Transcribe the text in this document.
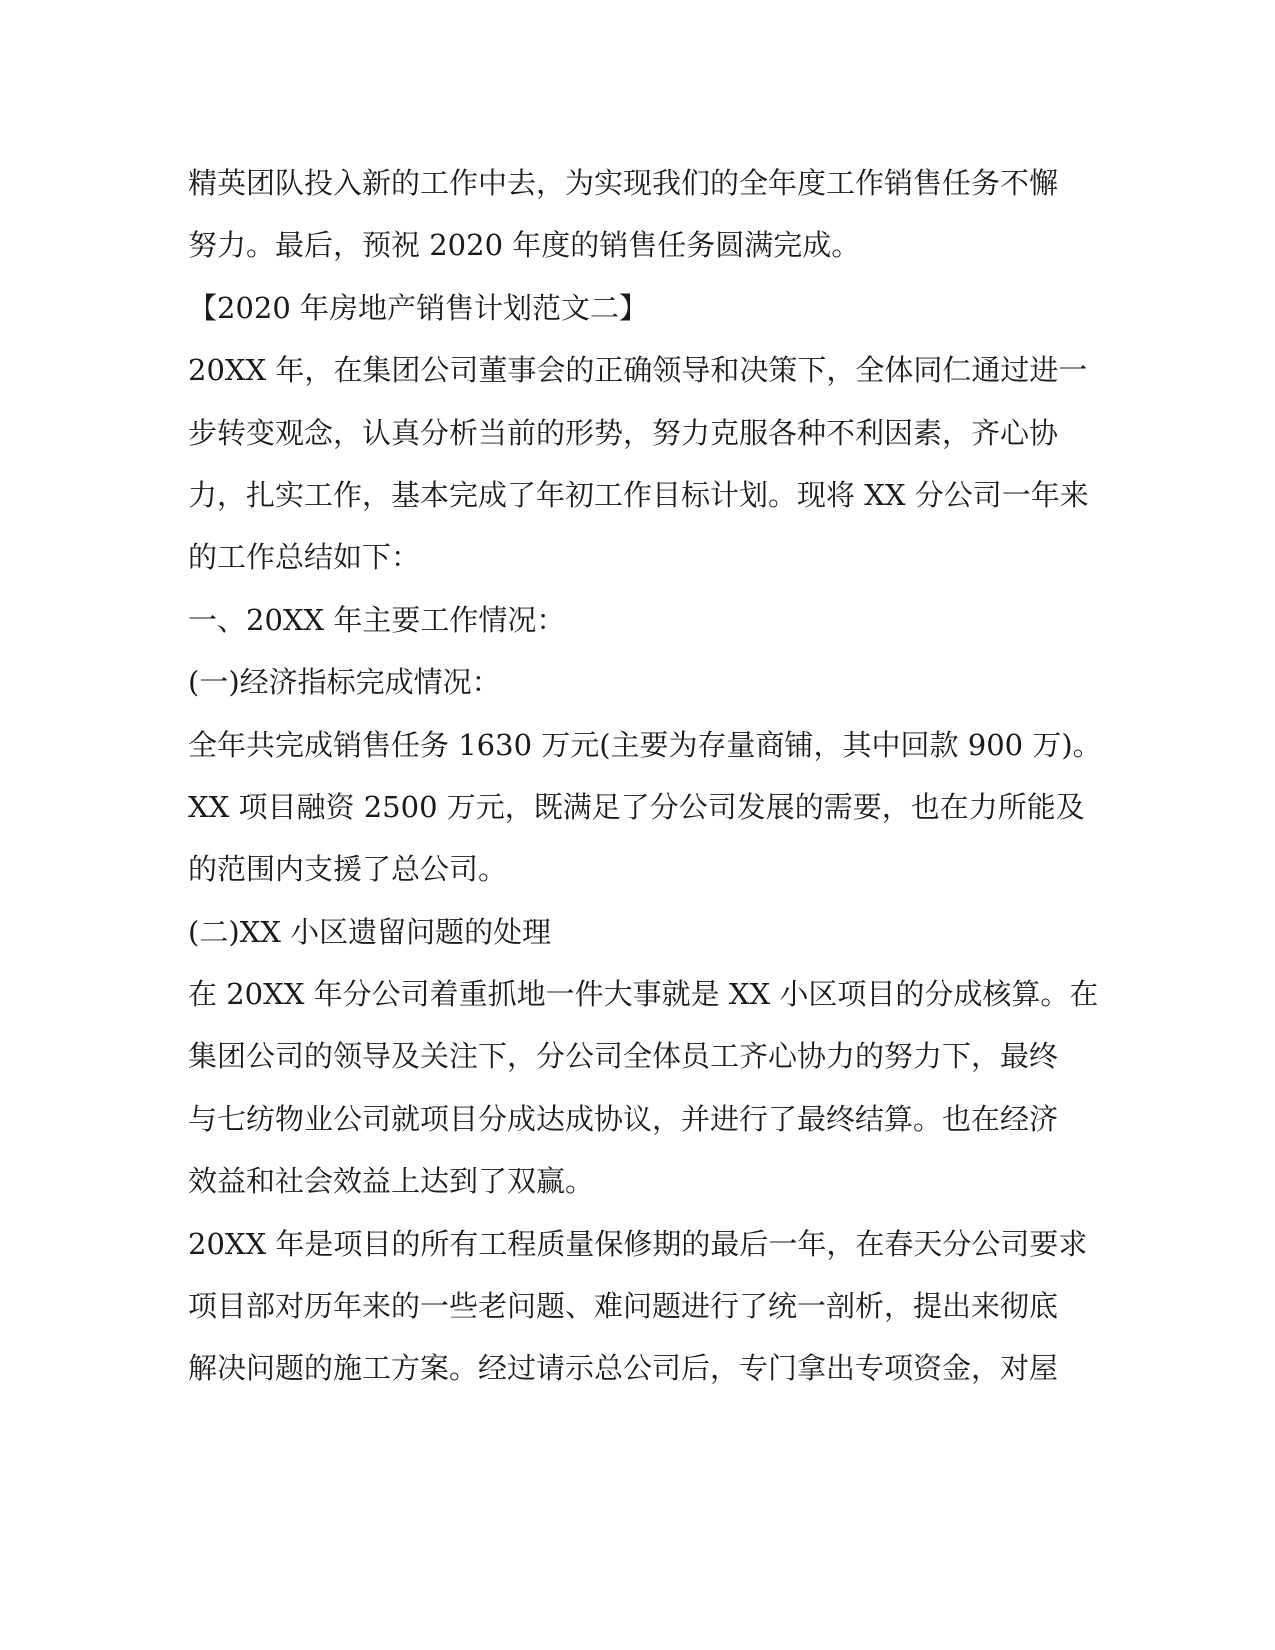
精英团队投入新的工作中去，为实现我们的全年度工作销售任务不懈
努力。最后，预祝 2020 年度的销售任务圆满完成。
【2020 年房地产销售计划范文二】
20XX 年，在集团公司董事会的正确领导和决策下，全体同仁通过进一
步转变观念，认真分析当前的形势，努力克服各种不利因素，齐心协
力，扎实工作，基本完成了年初工作目标计划。现将 XX 分公司一年来
的工作总结如下：
一、20XX 年主要工作情况：
(一)经济指标完成情况：
全年共完成销售任务 1630 万元(主要为存量商铺，其中回款 900 万)。
XX 项目融资 2500 万元，既满足了分公司发展的需要，也在力所能及
的范围内支援了总公司。
(二)XX 小区遗留问题的处理
在 20XX 年分公司着重抓地一件大事就是 XX 小区项目的分成核算。在
集团公司的领导及关注下，分公司全体员工齐心协力的努力下，最终
与七纺物业公司就项目分成达成协议，并进行了最终结算。也在经济
效益和社会效益上达到了双赢。
20XX 年是项目的所有工程质量保修期的最后一年，在春天分公司要求
项目部对历年来的一些老问题、难问题进行了统一剖析，提出来彻底
解决问题的施工方案。经过请示总公司后，专门拿出专项资金，对屋
